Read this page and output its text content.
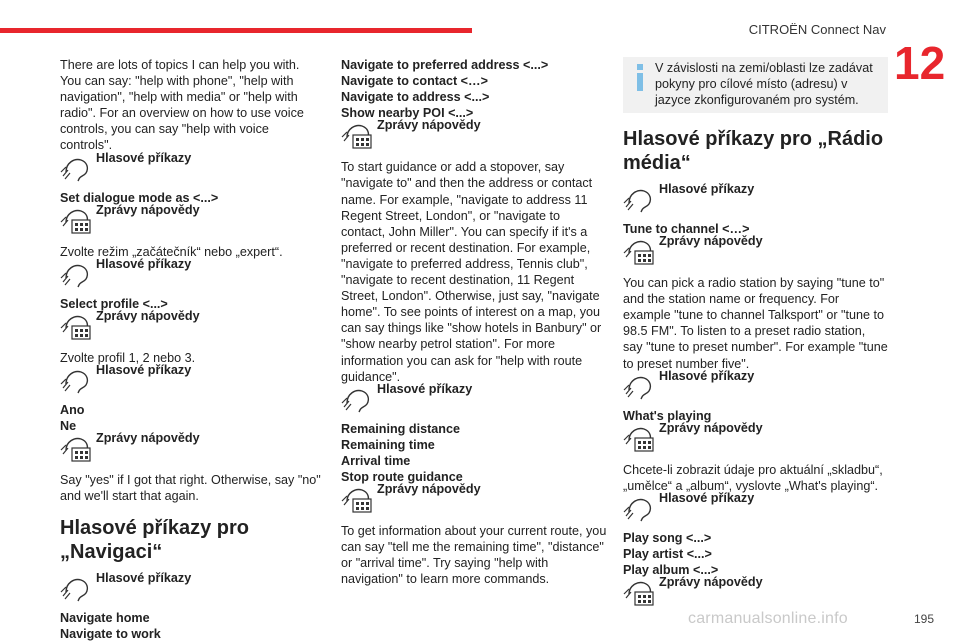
CITROËN Connect Nav
12

There are lots of topics I can help you with. You can say: "help with phone", "help with navigation", "help with media" or "help with radio". For an overview on how to use voice controls, you can say "help with voice controls".

Hlasové příkazy

Set dialogue mode as <...>

Zprávy nápovědy

Zvolte režim „začátečník“ nebo „expert“.

Hlasové příkazy

Select profile <...>

Zprávy nápovědy

Zvolte profil 1, 2 nebo 3.

Hlasové příkazy

Ano

Ne

Zprávy nápovědy

Say "yes" if I got that right. Otherwise, say "no" and we'll start that again.

Hlasové příkazy pro „Navigaci“

Hlasové příkazy

Navigate home

Navigate to work

Navigate to preferred address <...>

Navigate to contact <…>

Navigate to address <...>

Show nearby POI <...>

Zprávy nápovědy

To start guidance or add a stopover, say "navigate to" and then the address or contact name. For example, "navigate to address 11 Regent Street, London", or "navigate to contact, John Miller". You can specify if it's a preferred or recent destination. For example, "navigate to preferred address, Tennis club", "navigate to recent destination, 11 Regent Street, London". Otherwise, just say, "navigate home". To see points of interest on a map, you can say things like "show hotels in Banbury" or "show nearby petrol station". For more information you can ask for "help with route guidance".

Hlasové příkazy

Remaining distance

Remaining time

Arrival time

Stop route guidance

Zprávy nápovědy

To get information about your current route, you can say "tell me the remaining time", "distance" or "arrival time". Try saying "help with navigation" to learn more commands.

V závislosti na zemi/oblasti lze zadávat pokyny pro cílové místo (adresu) v jazyce zkonfigurovaném pro systém.

Hlasové příkazy pro „Rádio média“

Hlasové příkazy

Tune to channel <…>

Zprávy nápovědy

You can pick a radio station by saying "tune to" and the station name or frequency. For example "tune to channel Talksport" or "tune to 98.5 FM". To listen to a preset radio station, say "tune to preset number". For example "tune to preset number five".

Hlasové příkazy

What's playing

Zprávy nápovědy

Chcete-li zobrazit údaje pro aktuální „skladbu“, „umělce“ a „album“, vyslovte „What's playing“.

Hlasové příkazy

Play song <...>

Play artist <...>

Play album <...>

Zprávy nápovědy
carmanualsonline.info	195
